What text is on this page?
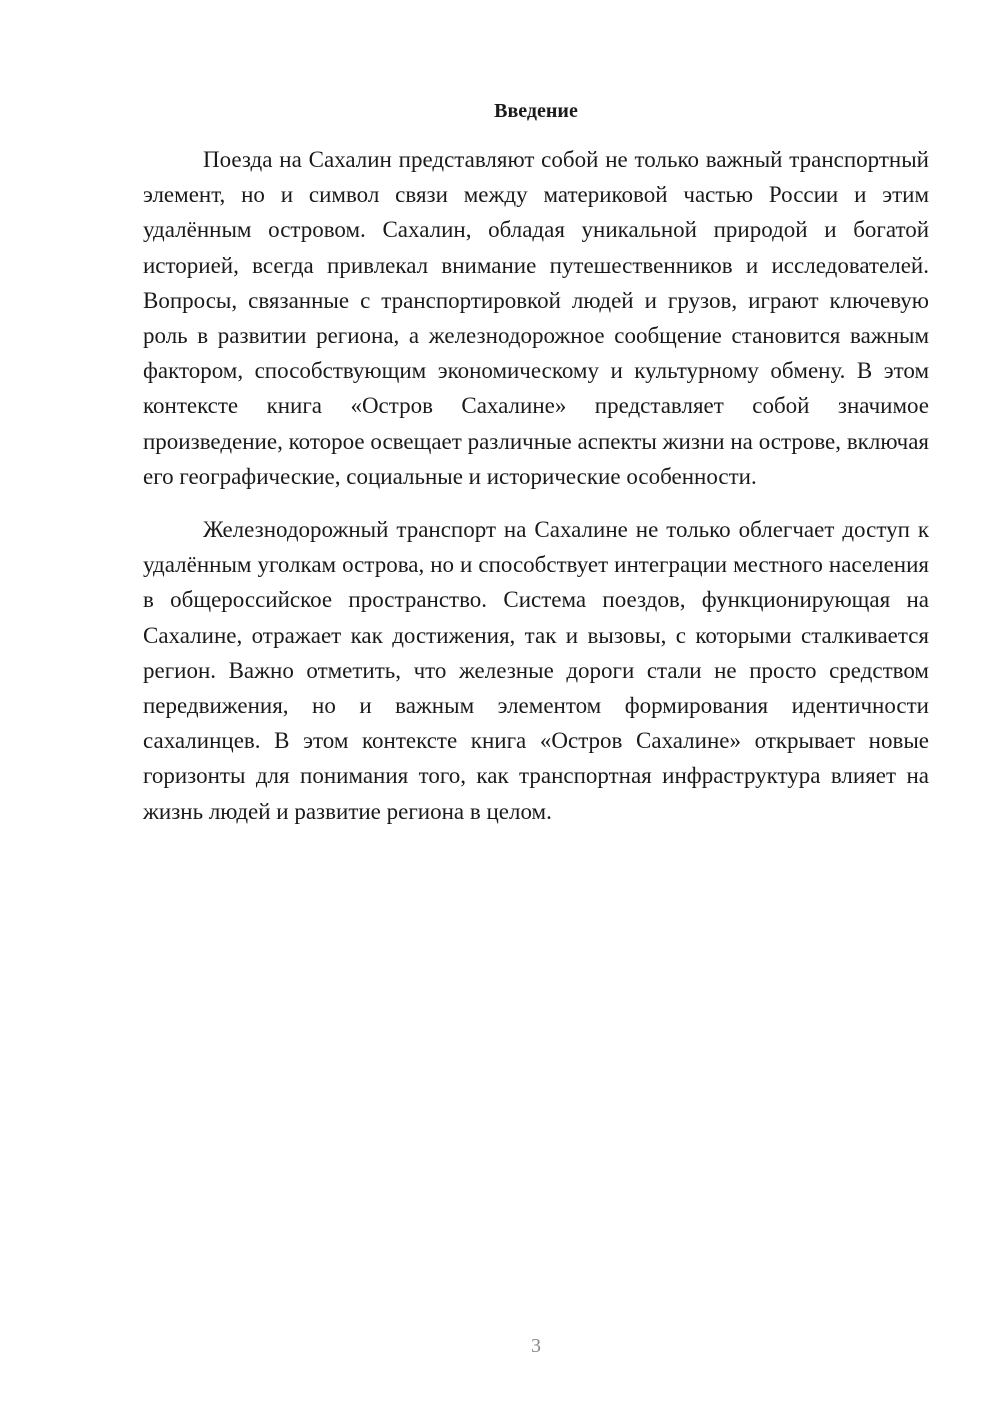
Введение

Поезда на Сахалин представляют собой не только важный транспортный элемент, но и символ связи между материковой частью России и этим удалённым островом. Сахалин, обладая уникальной природой и богатой историей, всегда привлекал внимание путешественников и исследователей. Вопросы, связанные с транспортировкой людей и грузов, играют ключевую роль в развитии региона, а железнодорожное сообщение становится важным фактором, способствующим экономическому и культурному обмену. В этом контексте книга «Остров Сахалине» представляет собой значимое произведение, которое освещает различные аспекты жизни на острове, включая его географические, социальные и исторические особенности.

Железнодорожный транспорт на Сахалине не только облегчает доступ к удалённым уголкам острова, но и способствует интеграции местного населения в общероссийское пространство. Система поездов, функционирующая на Сахалине, отражает как достижения, так и вызовы, с которыми сталкивается регион. Важно отметить, что железные дороги стали не просто средством передвижения, но и важным элементом формирования идентичности сахалинцев. В этом контексте книга «Остров Сахалине» открывает новые горизонты для понимания того, как транспортная инфраструктура влияет на жизнь людей и развитие региона в целом.

3
